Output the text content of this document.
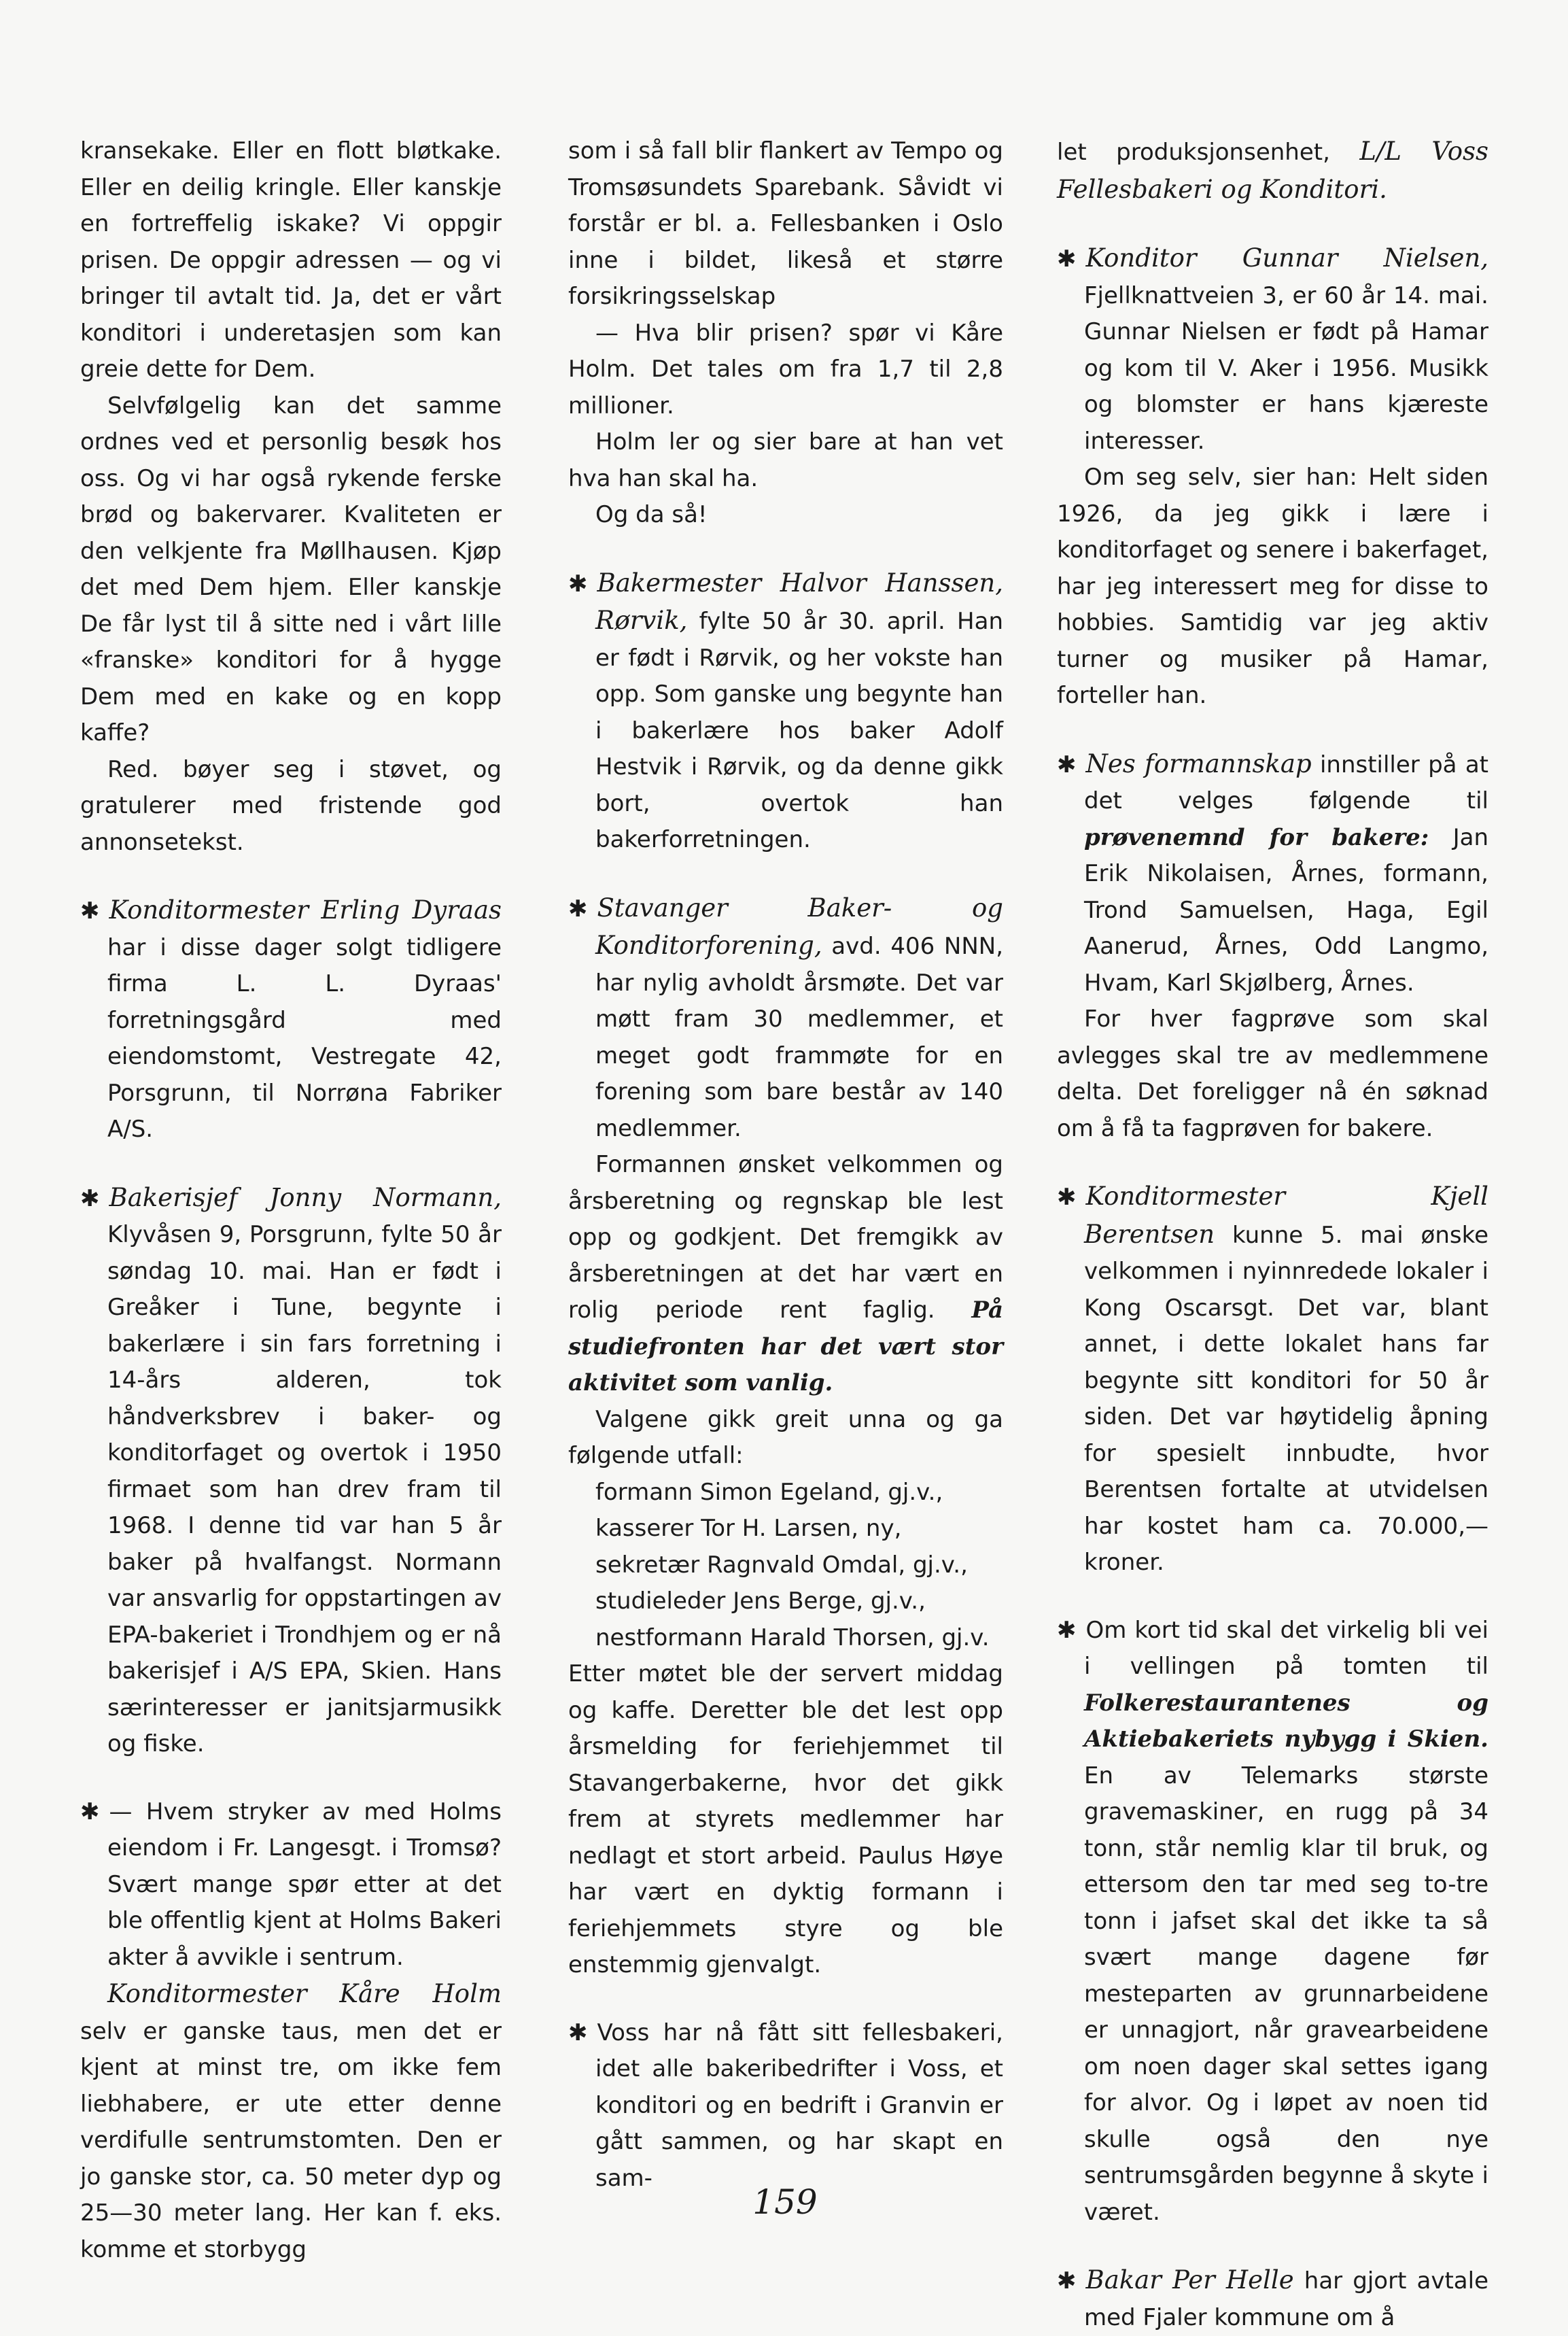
kransekake. Eller en flott bløtkake. Eller en deilig kringle. Eller kanskje en fortreffelig iskake? Vi oppgir prisen. De oppgir adressen — og vi bringer til avtalt tid. Ja, det er vårt konditori i underetasjen som kan greie dette for Dem.

Selvfølgelig kan det samme ordnes ved et personlig besøk hos oss. Og vi har også rykende ferske brød og bakervarer. Kvaliteten er den velkjente fra Møllhausen. Kjøp det med Dem hjem. Eller kanskje De får lyst til å sitte ned i vårt lille «franske» konditori for å hygge Dem med en kake og en kopp kaffe?

Red. bøyer seg i støvet, og gratulerer med fristende god annonsetekst.

✱ Konditormester Erling Dyraas har i disse dager solgt tidligere firma L. L. Dyraas' forretningsgård med eiendomstomt, Vestregate 42, Porsgrunn, til Norrøna Fabriker A/S.

✱ Bakerisjef Jonny Normann, Klyvåsen 9, Porsgrunn, fylte 50 år søndag 10. mai. Han er født i Greåker i Tune, begynte i bakerlære i sin fars forretning i 14-års alderen, tok håndverksbrev i baker- og konditorfaget og overtok i 1950 firmaet som han drev fram til 1968. I denne tid var han 5 år baker på hvalfangst. Normann var ansvarlig for oppstartingen av EPA-bakeriet i Trondhjem og er nå bakerisjef i A/S EPA, Skien. Hans særinteresser er janitsjarmusikk og fiske.

✱ — Hvem stryker av med Holms eiendom i Fr. Langesgt. i Tromsø? Svært mange spør etter at det ble offentlig kjent at Holms Bakeri akter å avvikle i sentrum.

Konditormester Kåre Holm selv er ganske taus, men det er kjent at minst tre, om ikke fem liebhabere, er ute etter denne verdifulle sentrumstomten. Den er jo ganske stor, ca. 50 meter dyp og 25—30 meter lang. Her kan f. eks. komme et storbygg

som i så fall blir flankert av Tempo og Tromsøsundets Sparebank. Såvidt vi forstår er bl. a. Fellesbanken i Oslo inne i bildet, likeså et større forsikringsselskap

— Hva blir prisen? spør vi Kåre Holm. Det tales om fra 1,7 til 2,8 millioner.

Holm ler og sier bare at han vet hva han skal ha.

Og da så!

✱ Bakermester Halvor Hanssen, Rørvik, fylte 50 år 30. april. Han er født i Rørvik, og her vokste han opp. Som ganske ung begynte han i bakerlære hos baker Adolf Hestvik i Rørvik, og da denne gikk bort, overtok han bakerforretningen.

✱ Stavanger Baker- og Konditorforening, avd. 406 NNN, har nylig avholdt årsmøte. Det var møtt fram 30 medlemmer, et meget godt frammøte for en forening som bare består av 140 medlemmer.

Formannen ønsket velkommen og årsberetning og regnskap ble lest opp og godkjent. Det fremgikk av årsberetningen at det har vært en rolig periode rent faglig. På studiefronten har det vært stor aktivitet som vanlig.

Valgene gikk greit unna og ga følgende utfall:

formann Simon Egeland, gj.v.,

kasserer Tor H. Larsen, ny,

sekretær Ragnvald Omdal, gj.v.,

studieleder Jens Berge, gj.v.,

nestformann Harald Thorsen, gj.v.

Etter møtet ble der servert middag og kaffe. Deretter ble det lest opp årsmelding for feriehjemmet til Stavangerbakerne, hvor det gikk frem at styrets medlemmer har nedlagt et stort arbeid. Paulus Høye har vært en dyktig formann i feriehjemmets styre og ble enstemmig gjenvalgt.

✱ Voss har nå fått sitt fellesbakeri, idet alle bakeribedrifter i Voss, et konditori og en bedrift i Granvin er gått sammen, og har skapt en sam-

let produksjonsenhet, L/L Voss Fellesbakeri og Konditori.

✱ Konditor Gunnar Nielsen, Fjellknattveien 3, er 60 år 14. mai. Gunnar Nielsen er født på Hamar og kom til V. Aker i 1956. Musikk og blomster er hans kjæreste interesser.

Om seg selv, sier han: Helt siden 1926, da jeg gikk i lære i konditorfaget og senere i bakerfaget, har jeg interessert meg for disse to hobbies. Samtidig var jeg aktiv turner og musiker på Hamar, forteller han.

✱ Nes formannskap innstiller på at det velges følgende til prøvenemnd for bakere: Jan Erik Nikolaisen, Årnes, formann, Trond Samuelsen, Haga, Egil Aanerud, Årnes, Odd Langmo, Hvam, Karl Skjølberg, Årnes.

For hver fagprøve som skal avlegges skal tre av medlemmene delta. Det foreligger nå én søknad om å få ta fagprøven for bakere.

✱ Konditormester Kjell Berentsen kunne 5. mai ønske velkommen i nyinnredede lokaler i Kong Oscarsgt. Det var, blant annet, i dette lokalet hans far begynte sitt konditori for 50 år siden. Det var høytidelig åpning for spesielt innbudte, hvor Berentsen fortalte at utvidelsen har kostet ham ca. 70.000,— kroner.

✱ Om kort tid skal det virkelig bli vei i vellingen på tomten til Folkerestaurantenes og Aktiebakeriets nybygg i Skien. En av Telemarks største gravemaskiner, en rugg på 34 tonn, står nemlig klar til bruk, og ettersom den tar med seg to-tre tonn i jafset skal det ikke ta så svært mange dagene før mesteparten av grunnarbeidene er unnagjort, når gravearbeidene om noen dager skal settes igang for alvor. Og i løpet av noen tid skulle også den nye sentrumsgården begynne å skyte i været.

✱ Bakar Per Helle har gjort avtale med Fjaler kommune om å

159
